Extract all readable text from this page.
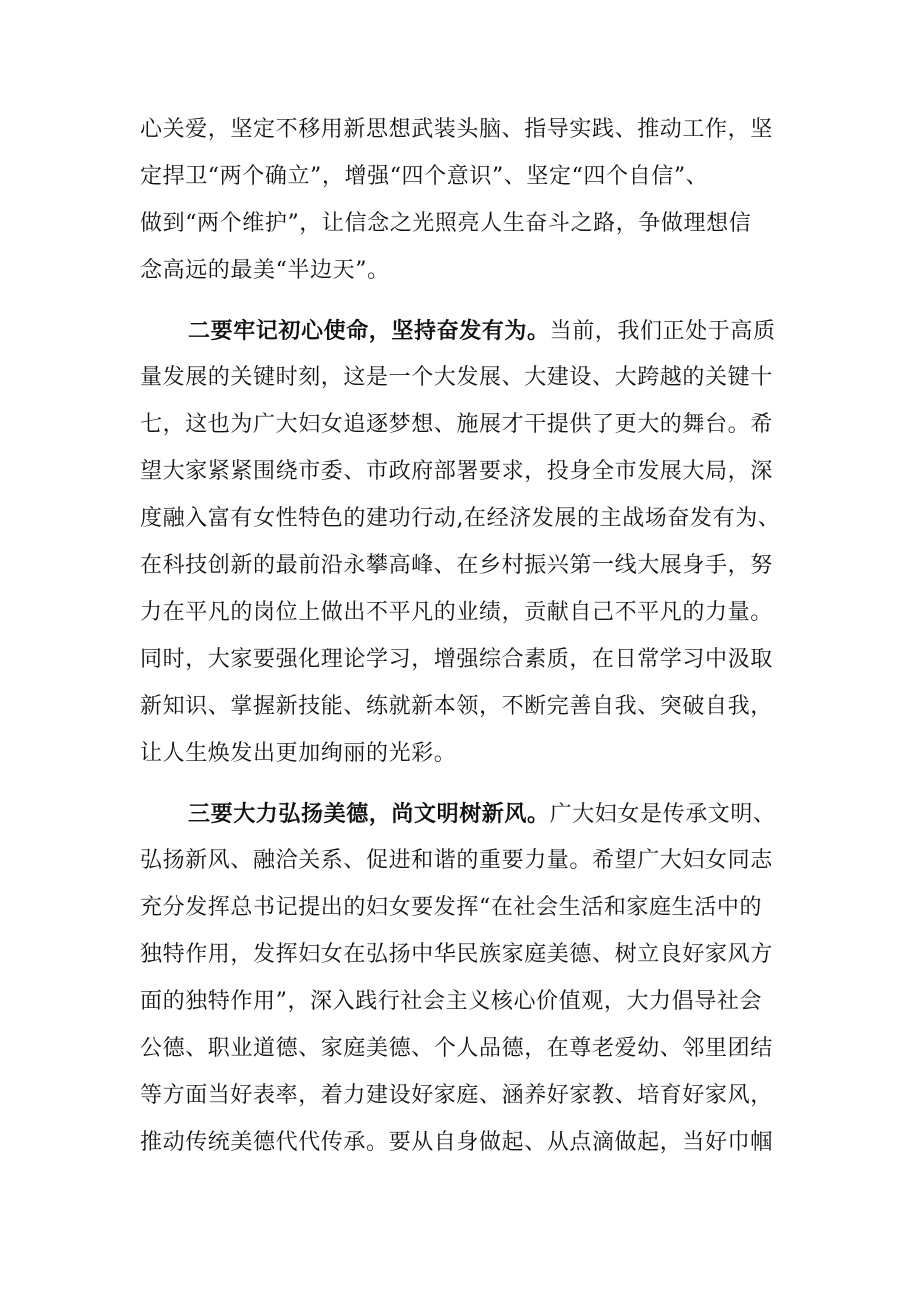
心关爱，坚定不移用新思想武装头脑、指导实践、推动工作，坚

定捍卫“两个确立”，增强“四个意识”、坚定“四个自信”、

做到“两个维护”，让信念之光照亮人生奋斗之路，争做理想信

念高远的最美“半边天”。

二要牢记初心使命，坚持奋发有为。当前，我们正处于高质

量发展的关键时刻，这是一个大发展、大建设、大跨越的关键十

七，这也为广大妇女追逐梦想、施展才干提供了更大的舞台。希

望大家紧紧围绕市委、市政府部署要求，投身全市发展大局，深

度融入富有女性特色的建功行动,在经济发展的主战场奋发有为、

在科技创新的最前沿永攀高峰、在乡村振兴第一线大展身手，努

力在平凡的岗位上做出不平凡的业绩，贡献自己不平凡的力量。

同时，大家要强化理论学习，增强综合素质，在日常学习中汲取

新知识、掌握新技能、练就新本领，不断完善自我、突破自我，

让人生焕发出更加绚丽的光彩。

三要大力弘扬美德，尚文明树新风。广大妇女是传承文明、

弘扬新风、融洽关系、促进和谐的重要力量。希望广大妇女同志

充分发挥总书记提出的妇女要发挥“在社会生活和家庭生活中的

独特作用，发挥妇女在弘扬中华民族家庭美德、树立良好家风方

面的独特作用”，深入践行社会主义核心价值观，大力倡导社会

公德、职业道德、家庭美德、个人品德，在尊老爱幼、邻里团结

等方面当好表率，着力建设好家庭、涵养好家教、培育好家风，

推动传统美德代代传承。要从自身做起、从点滴做起，当好巾帼
